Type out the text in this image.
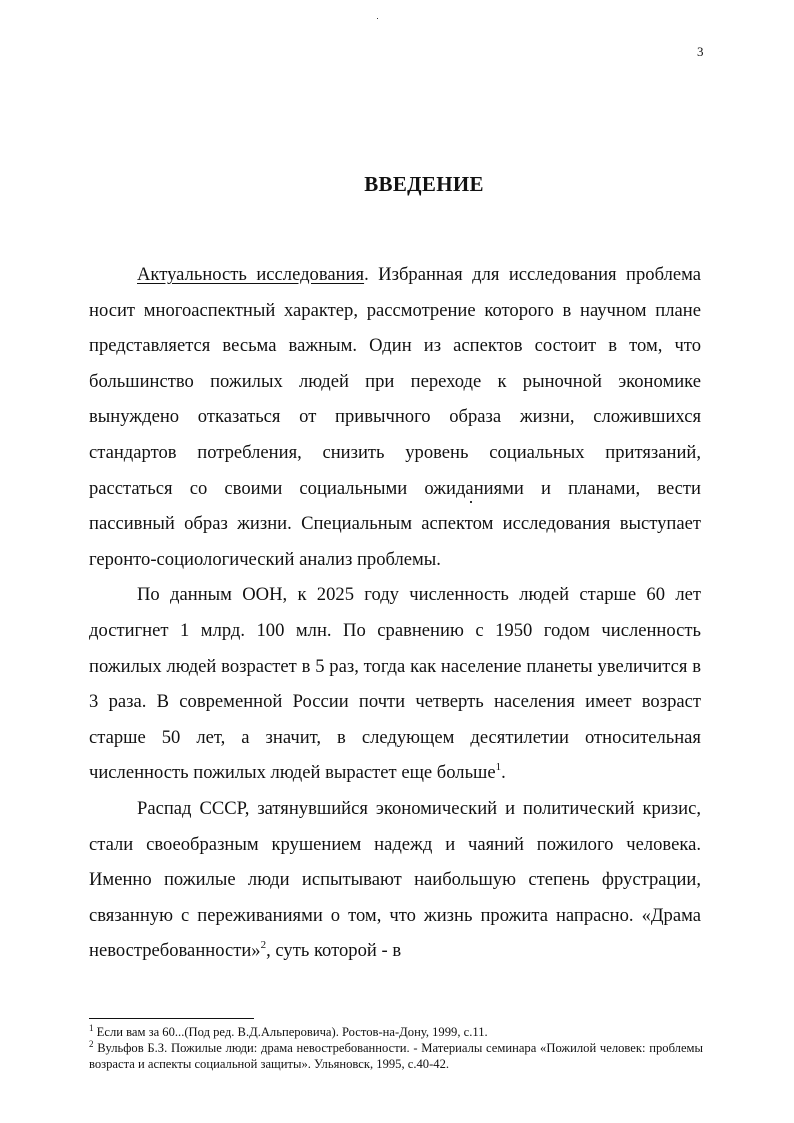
3
ВВЕДЕНИЕ

Актуальность исследования. Избранная для исследования проблема носит многоаспектный характер, рассмотрение которого в научном плане представляется весьма важным. Один из аспектов состоит в том, что большинство пожилых людей при переходе к рыночной экономике вынуждено отказаться от привычного образа жизни, сложившихся стандартов потребления, снизить уровень социальных притязаний, расстаться со своими социальными ожиданиями и планами, вести пассивный образ жизни. Специальным аспектом исследования выступает геронто-социологический анализ проблемы.

По данным ООН, к 2025 году численность людей старше 60 лет достигнет 1 млрд. 100 млн. По сравнению с 1950 годом численность пожилых людей возрастет в 5 раз, тогда как население планеты увеличится в 3 раза. В современной России почти четверть населения имеет возраст старше 50 лет, а значит, в следующем десятилетии относительная численность пожилых людей вырастет еще больше$^1$.

Распад СССР, затянувшийся экономический и политический кризис, стали своеобразным крушением надежд и чаяний пожилого человека. Именно пожилые люди испытывают наибольшую степень фрустрации, связанную с переживаниями о том, что жизнь прожита напрасно. «Драма невостребованности»$^2$, суть которой - в

$^1$ Если вам за 60...(Под ред. В.Д.Альперовича). Ростов-на-Дону, 1999, с.11.

$^2$ Вульфов Б.З. Пожилые люди: драма невостребованности. - Материалы семинара «Пожилой человек: проблемы возраста и аспекты социальной защиты». Ульяновск, 1995, с.40-42.
